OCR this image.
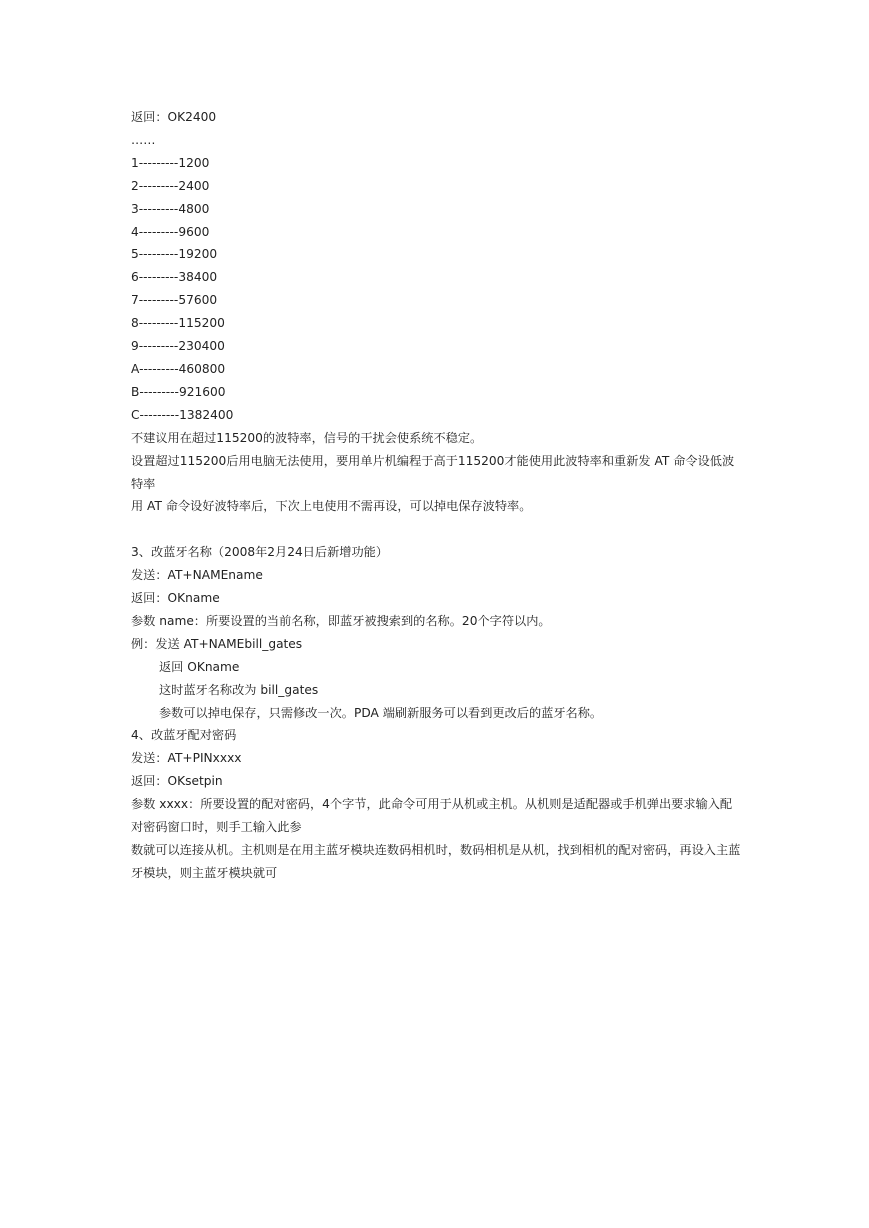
返回：OK2400
……
1---------1200
2---------2400
3---------4800
4---------9600
5---------19200
6---------38400
7---------57600
8---------115200
9---------230400
A---------460800
B---------921600
C---------1382400
不建议用在超过115200的波特率，信号的干扰会使系统不稳定。
设置超过115200后用电脑无法使用，要用单片机编程于高于115200才能使用此波特率和重新发 AT 命令设低波特率
用 AT 命令设好波特率后，下次上电使用不需再设，可以掉电保存波特率。
3、改蓝牙名称（2008年2月24日后新增功能）
发送：AT+NAMEname
返回：OKname
参数 name：所要设置的当前名称，即蓝牙被搜索到的名称。20个字符以内。
例：发送 AT+NAMEbill_gates
返回 OKname
这时蓝牙名称改为 bill_gates
参数可以掉电保存，只需修改一次。PDA 端刷新服务可以看到更改后的蓝牙名称。
4、改蓝牙配对密码
发送：AT+PINxxxx
返回：OKsetpin
参数 xxxx：所要设置的配对密码，4个字节，此命令可用于从机或主机。从机则是适配器或手机弹出要求输入配对密码窗口时，则手工输入此参
数就可以连接从机。主机则是在用主蓝牙模块连数码相机时，数码相机是从机，找到相机的配对密码，再设入主蓝牙模块，则主蓝牙模块就可
